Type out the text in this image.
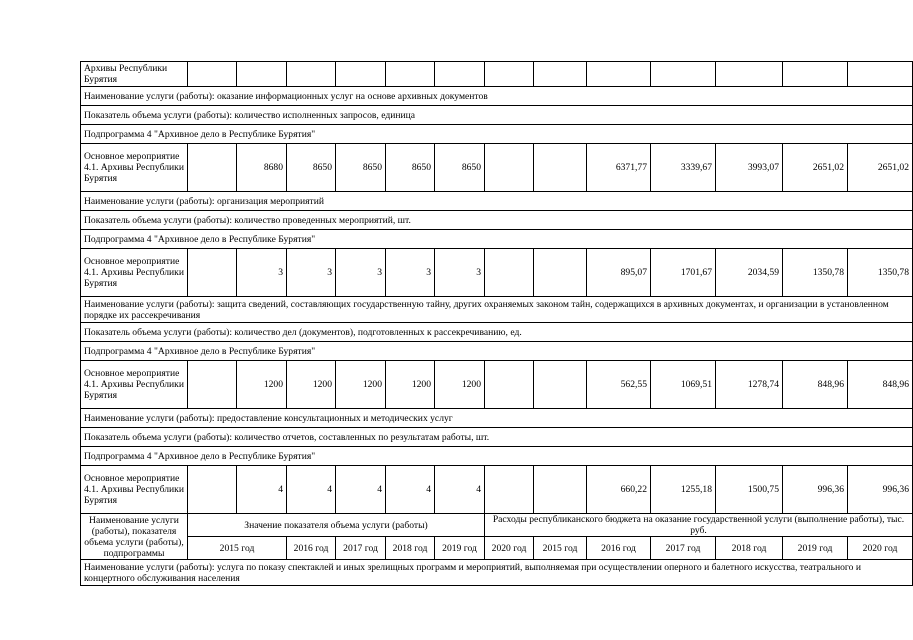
Архивы Республики Бурятия													
Наименование услуги (работы): оказание информационных услуг на основе архивных документов													
Показатель объема услуги (работы): количество исполненных запросов, единица													
Подпрограмма 4 "Архивное дело в Республике Бурятия"													
Основное мероприятие 4.1. Архивы Республики Бурятия		8680	8650	8650	8650	8650			6371,77	3339,67	3993,07	2651,02	2651,02
Наименование услуги (работы): организация мероприятий													
Показатель объема услуги (работы): количество проведенных мероприятий, шт.													
Подпрограмма 4 "Архивное дело в Республике Бурятия"													
Основное мероприятие 4.1. Архивы Республики Бурятия		3	3	3	3	3			895,07	1701,67	2034,59	1350,78	1350,78
Наименование услуги (работы): защита сведений, составляющих государственную тайну, других охраняемых законом тайн, содержащихся в архивных документах, и организации в установленном порядке их рассекречивания													
Показатель объема услуги (работы): количество дел (документов), подготовленных к рассекречиванию, ед.													
Подпрограмма 4 "Архивное дело в Республике Бурятия"													
Основное мероприятие 4.1. Архивы Республики Бурятия		1200	1200	1200	1200	1200			562,55	1069,51	1278,74	848,96	848,96
Наименование услуги (работы): предоставление консультационных и методических услуг													
Показатель объема услуги (работы): количество отчетов, составленных по результатам работы, шт.													
Подпрограмма 4 "Архивное дело в Республике Бурятия"													
Основное мероприятие 4.1. Архивы Республики Бурятия		4	4	4	4	4			660,22	1255,18	1500,75	996,36	996,36
Наименование услуги (работы), показателя объема услуги (работы), подпрограммы	Значение показателя объема услуги (работы)						Расходы республиканского бюджета на оказание государственной услуги (выполнение работы), тыс. руб.						
	2015 год		2016 год	2017 год	2018 год	2019 год	2020 год	2015 год	2016 год	2017 год	2018 год	2019 год	2020 год
Наименование услуги (работы): услуга по показу спектаклей и иных зрелищных программ и мероприятий, выполняемая при осуществлении оперного и балетного искусства, театрального и концертного обслуживания населения													
